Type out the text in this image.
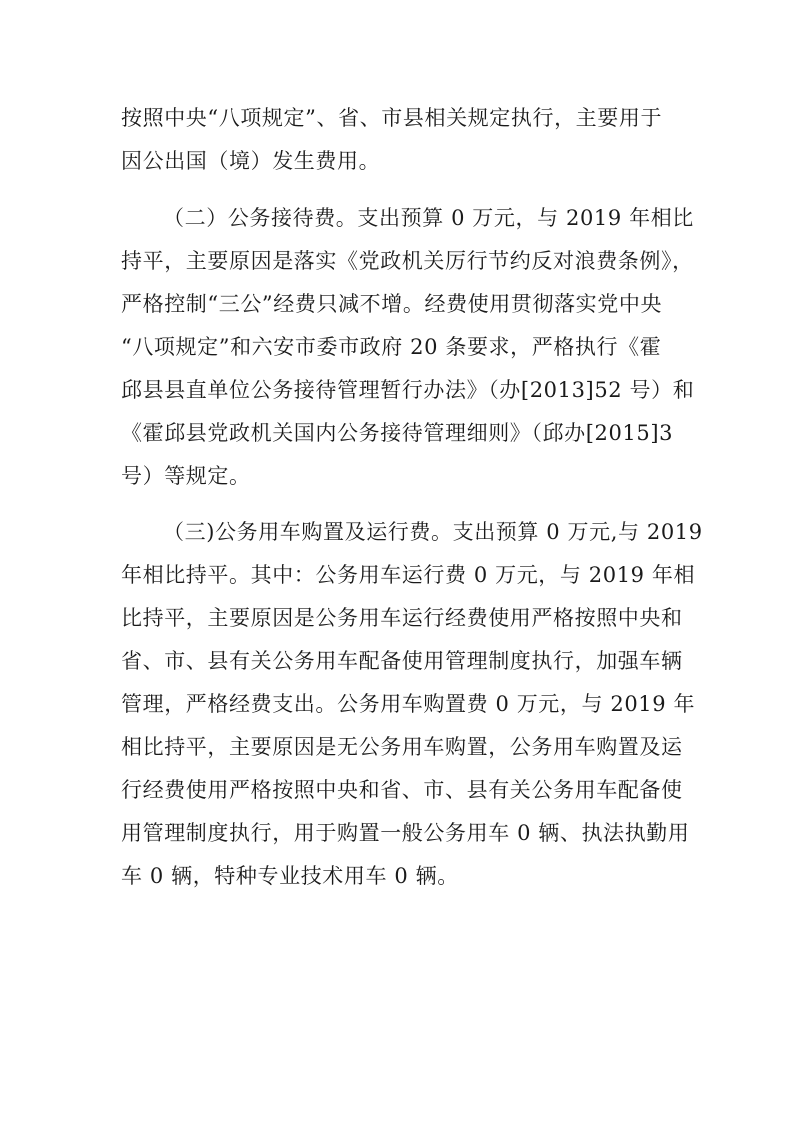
按照中央“八项规定”、省、市县相关规定执行，主要用于
因公出国（境）发生费用。
（二）公务接待费。支出预算 0 万元，与 2019 年相比
持平，主要原因是落实《党政机关厉行节约反对浪费条例》，
严格控制“三公”经费只减不增。经费使用贯彻落实党中央
“八项规定”和六安市委市政府 20 条要求，严格执行《霍
邱县县直单位公务接待管理暂行办法》（办[2013]52 号）和
《霍邱县党政机关国内公务接待管理细则》（邱办[2015]3
号）等规定。
（三)公务用车购置及运行费。支出预算 0 万元,与 2019
年相比持平。其中：公务用车运行费 0 万元，与 2019 年相
比持平，主要原因是公务用车运行经费使用严格按照中央和
省、市、县有关公务用车配备使用管理制度执行，加强车辆
管理，严格经费支出。公务用车购置费 0 万元，与 2019 年
相比持平，主要原因是无公务用车购置，公务用车购置及运
行经费使用严格按照中央和省、市、县有关公务用车配备使
用管理制度执行，用于购置一般公务用车 0 辆、执法执勤用
车 0 辆，特种专业技术用车 0 辆。
